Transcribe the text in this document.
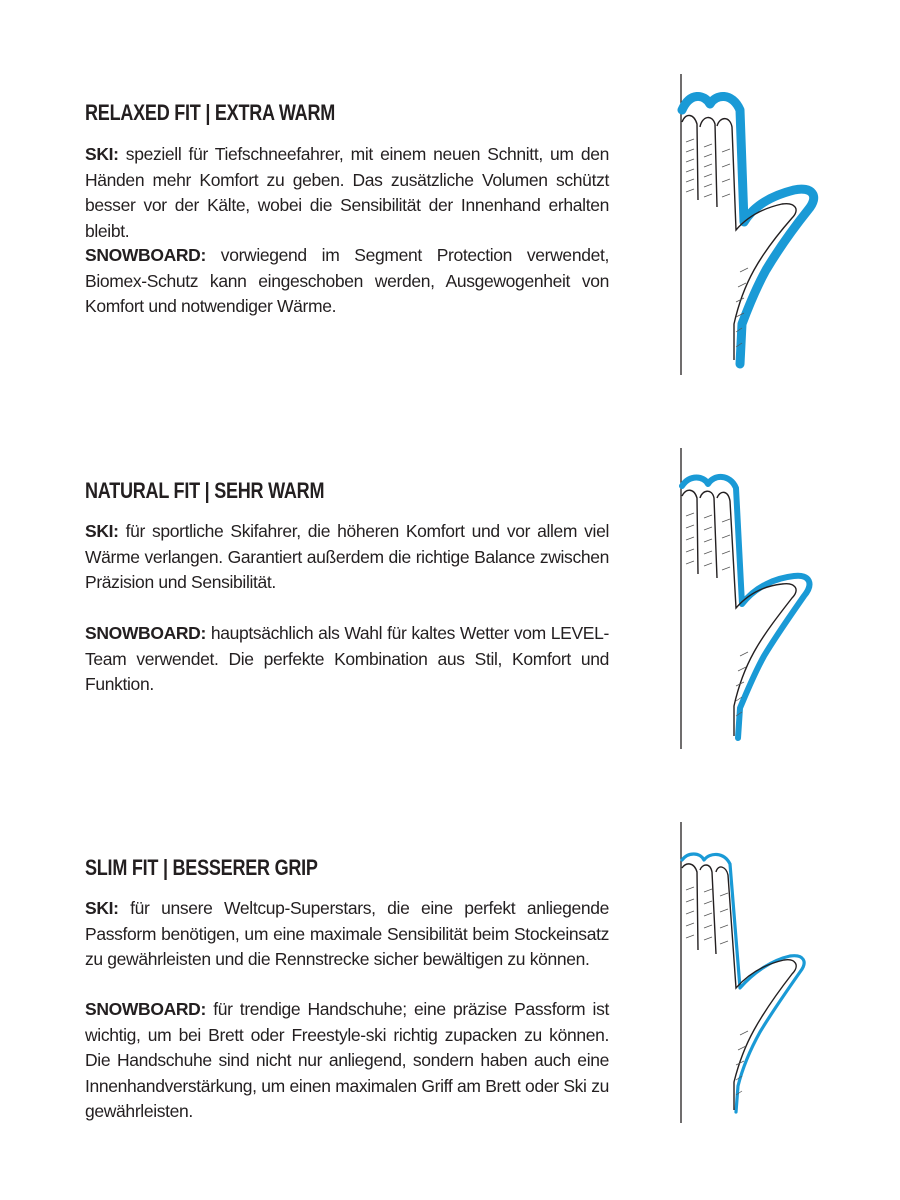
RELAXED FIT | EXTRA WARM
SKI: speziell für Tiefschneefahrer, mit einem neuen Schnitt, um den Händen mehr Komfort zu geben. Das zusätzliche Volumen schützt besser vor der Kälte, wobei die Sensibilität der Innenhand erhalten bleibt.
SNOWBOARD: vorwiegend im Segment Protection verwendet, Biomex-Schutz kann eingeschoben werden, Ausgewogenheit von Komfort und notwendiger Wärme.
NATURAL FIT | SEHR WARM
SKI: für sportliche Skifahrer, die höheren Komfort und vor allem viel Wärme verlangen. Garantiert außerdem die richtige Balance zwischen Präzision und Sensibilität.
SNOWBOARD: hauptsächlich als Wahl für kaltes Wetter vom LEVEL-Team verwendet. Die perfekte Kombination aus Stil, Komfort und Funktion.
SLIM FIT | BESSERER GRIP
SKI: für unsere Weltcup-Superstars, die eine perfekt anliegende Passform benötigen, um eine maximale Sensibilität beim Stockeinsatz zu gewährleisten und die Rennstrecke sicher bewältigen zu können.
SNOWBOARD: für trendige Handschuhe; eine präzise Passform ist wichtig, um bei Brett oder Freestyle-ski richtig zupacken zu können. Die Handschuhe sind nicht nur anliegend, sondern haben auch eine Innenhandverstärkung, um einen maximalen Griff am Brett oder Ski zu gewährleisten.
